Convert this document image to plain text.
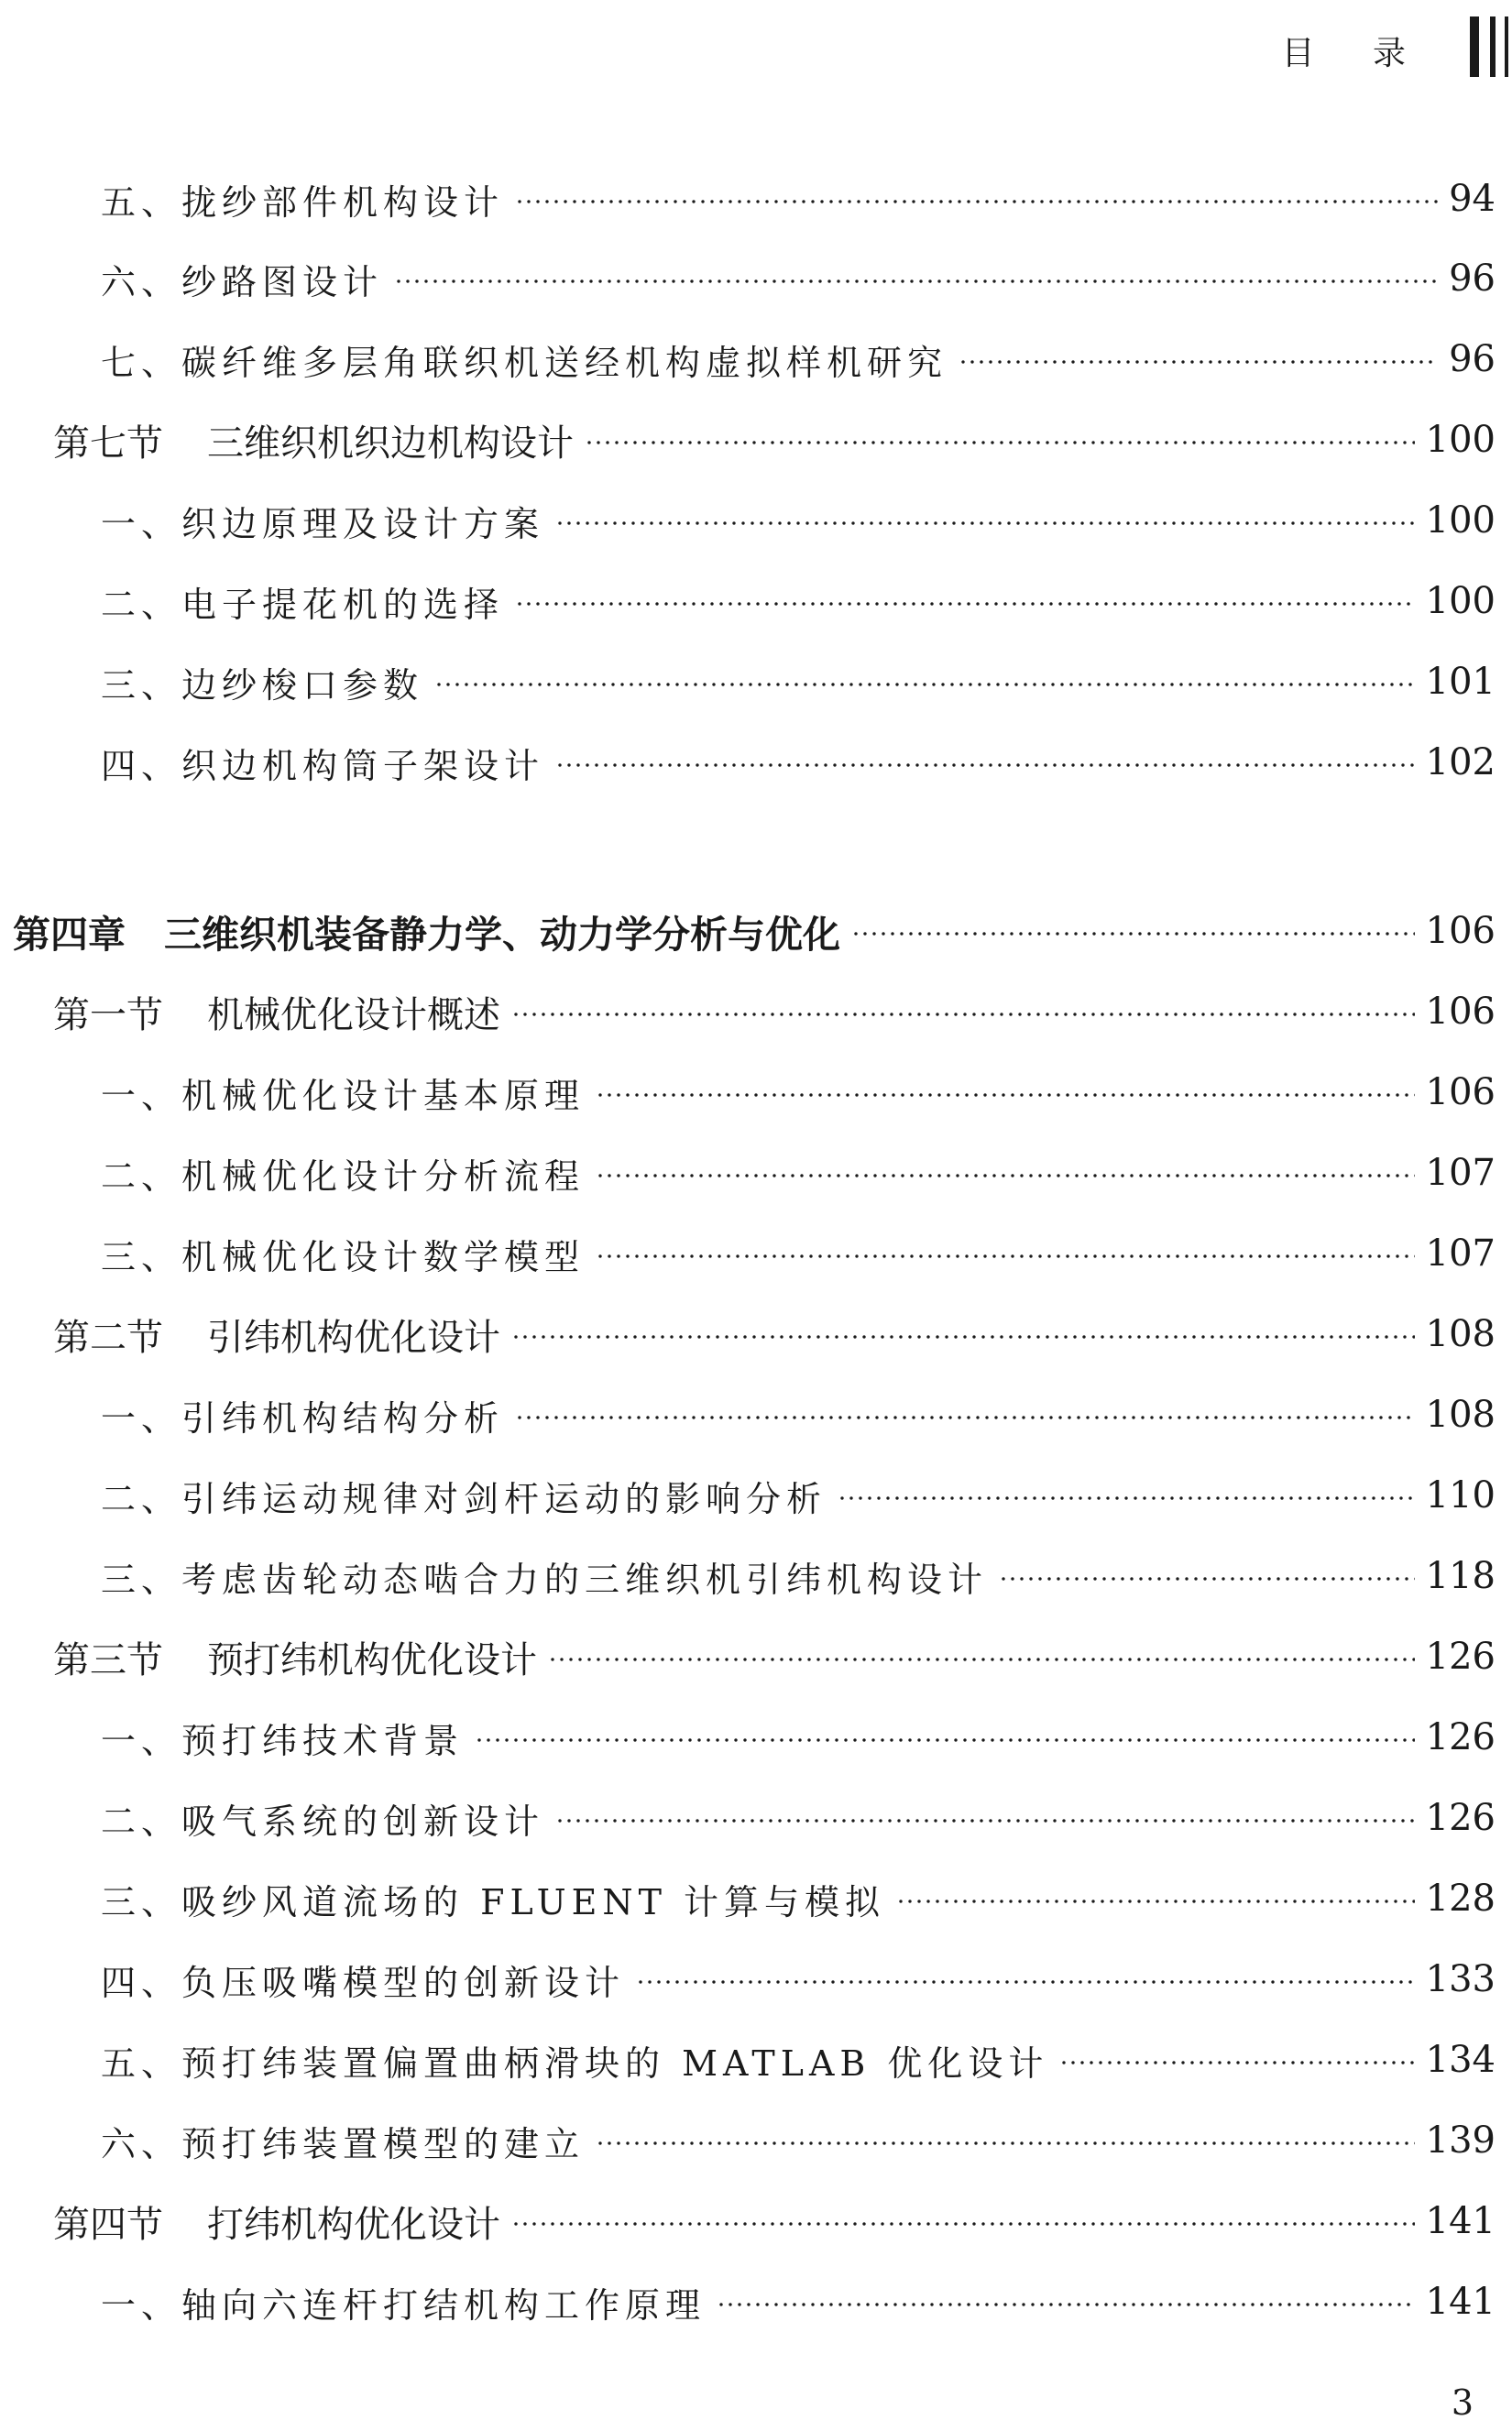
目 录
五、拢纱部件机构设计	94
六、纱路图设计	96
七、碳纤维多层角联织机送经机构虚拟样机研究	96
第七节 三维织机织边机构设计	100
一、织边原理及设计方案	100
二、电子提花机的选择	100
三、边纱梭口参数	101
四、织边机构筒子架设计	102
第四章 三维织机装备静力学、动力学分析与优化	106
第一节 机械优化设计概述	106
一、机械优化设计基本原理	106
二、机械优化设计分析流程	107
三、机械优化设计数学模型	107
第二节 引纬机构优化设计	108
一、引纬机构结构分析	108
二、引纬运动规律对剑杆运动的影响分析	110
三、考虑齿轮动态啮合力的三维织机引纬机构设计	118
第三节 预打纬机构优化设计	126
一、预打纬技术背景	126
二、吸气系统的创新设计	126
三、吸纱风道流场的 FLUENT 计算与模拟	128
四、负压吸嘴模型的创新设计	133
五、预打纬装置偏置曲柄滑块的 MATLAB 优化设计	134
六、预打纬装置模型的建立	139
第四节 打纬机构优化设计	141
一、轴向六连杆打结机构工作原理	141
3
